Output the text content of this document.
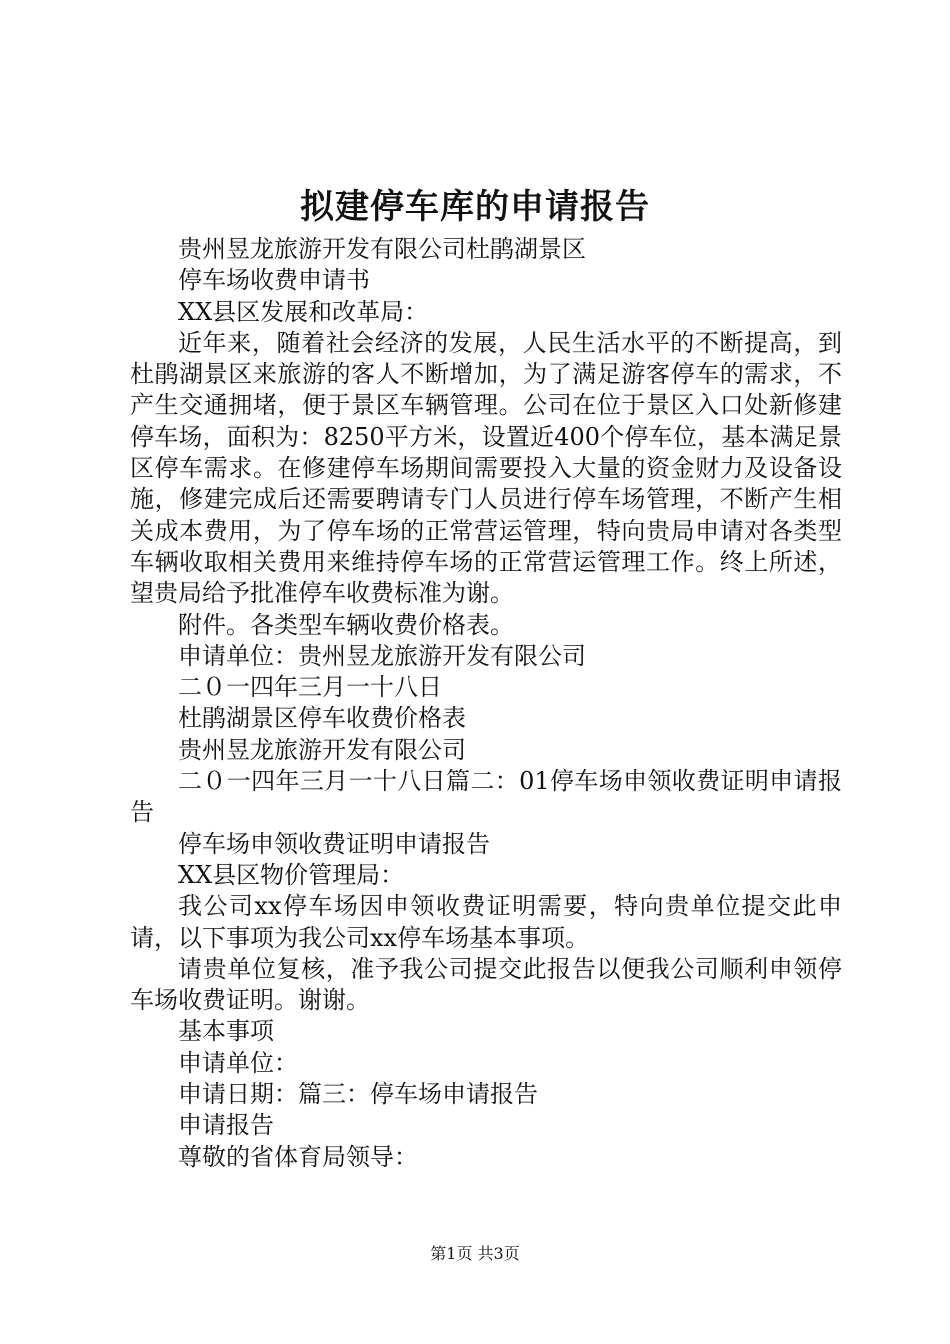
拟建停车库的申请报告

贵州昱龙旅游开发有限公司杜鹃湖景区

停车场收费申请书

XX县区发展和改革局：

近年来，随着社会经济的发展，人民生活水平的不断提高，到杜鹃湖景区来旅游的客人不断增加，为了满足游客停车的需求，不产生交通拥堵，便于景区车辆管理。公司在位于景区入口处新修建停车场，面积为：8250平方米，设置近400个停车位，基本满足景区停车需求。在修建停车场期间需要投入大量的资金财力及设备设施，修建完成后还需要聘请专门人员进行停车场管理，不断产生相关成本费用，为了停车场的正常营运管理，特向贵局申请对各类型车辆收取相关费用来维持停车场的正常营运管理工作。终上所述，望贵局给予批准停车收费标准为谢。

附件。各类型车辆收费价格表。

申请单位：贵州昱龙旅游开发有限公司

二０一四年三月一十八日

杜鹃湖景区停车收费价格表

贵州昱龙旅游开发有限公司

二０一四年三月一十八日篇二：01停车场申领收费证明申请报告

停车场申领收费证明申请报告

XX县区物价管理局：

我公司xx停车场因申领收费证明需要，特向贵单位提交此申请，以下事项为我公司xx停车场基本事项。

请贵单位复核，准予我公司提交此报告以便我公司顺利申领停车场收费证明。谢谢。

基本事项

申请单位：

申请日期：篇三：停车场申请报告

申请报告

尊敬的省体育局领导：

第1页 共3页
